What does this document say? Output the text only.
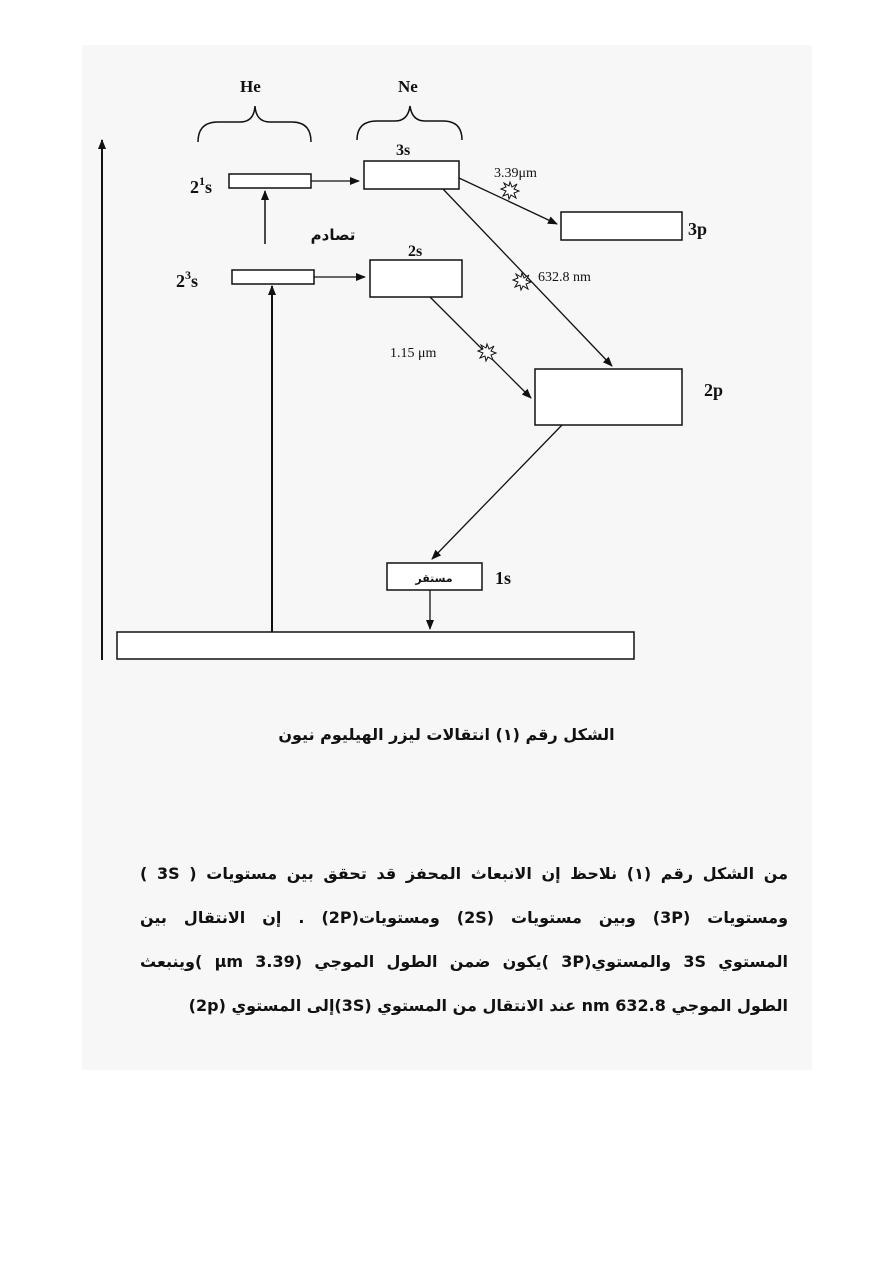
He	Ne
$2^1s$
$2^3s$
3s
2s
3p
2p
1s
مستقر
تصادم
3.39μm
632.8 nm
1.15 μm
الشكل رقم (١) انتقالات ليزر الهيليوم نيون

من الشكل رقم (١) نلاحظ إن الانبعاث المحفز قد تحقق بين مستويات ( 3S )

ومستويات (3P) وبين مستويات (2S) ومستويات(2P) . إن الانتقال بين

المستوي 3S والمستوي(3P )يكون ضمن الطول الموجي (μm 3.39 )وينبعث

الطول الموجي 632.8 nm عند الانتقال من المستوي (3S)إلى المستوي (2p)
